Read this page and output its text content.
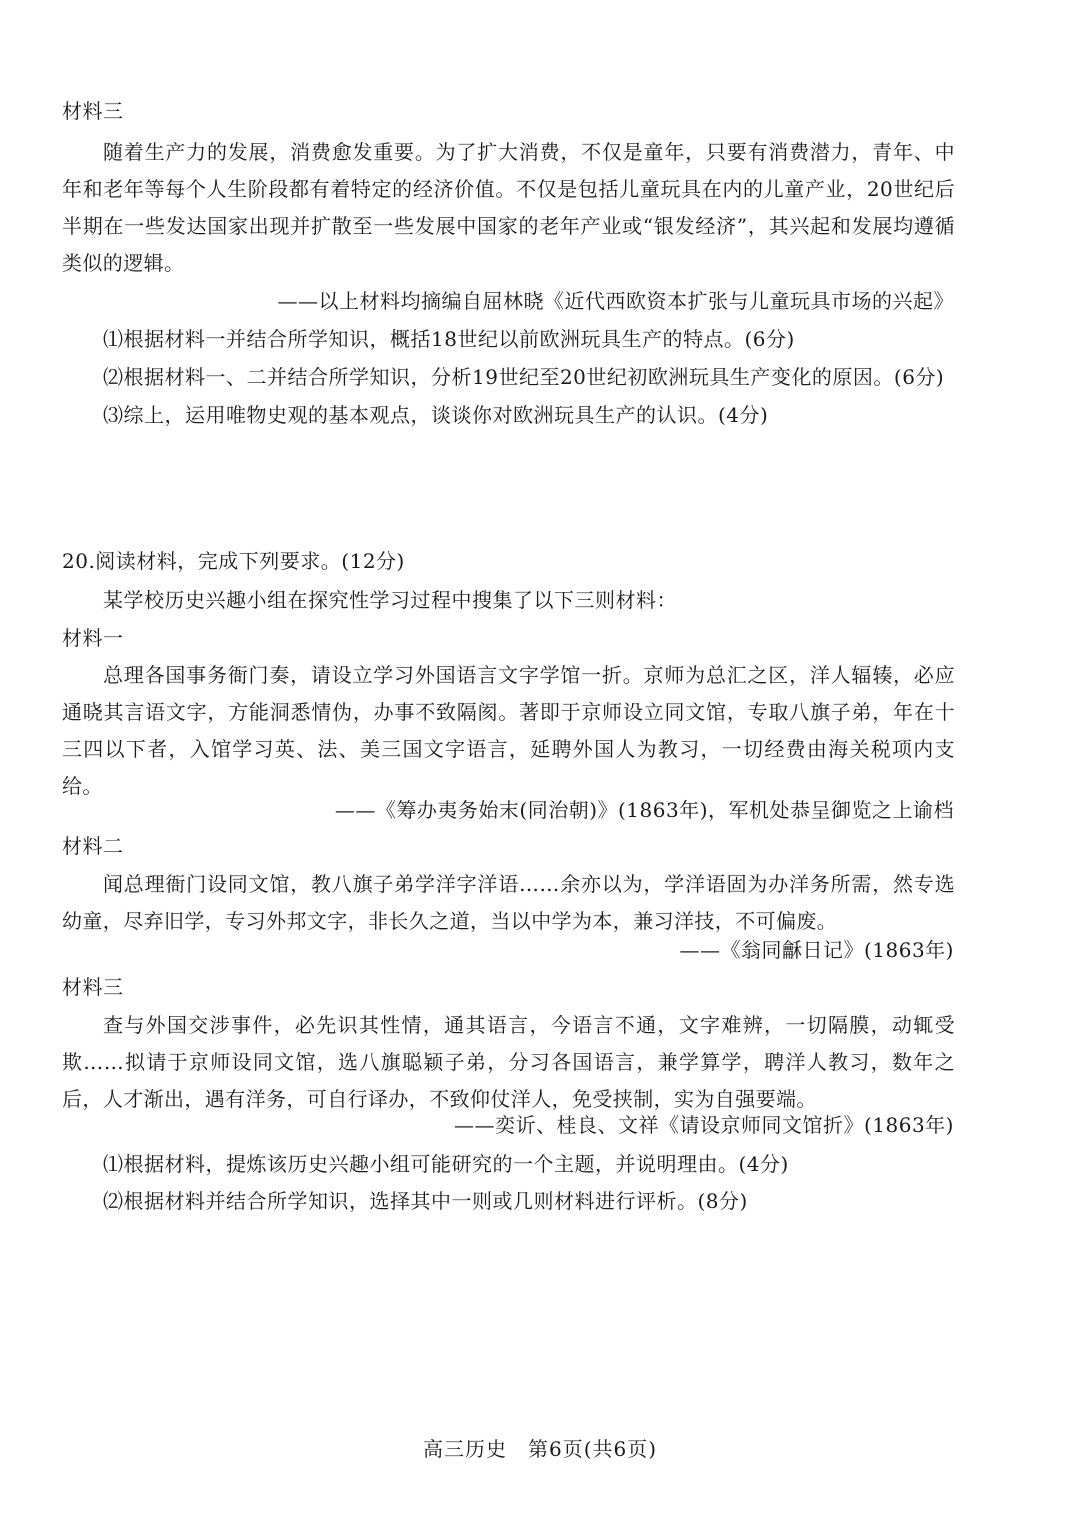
材料三
随着生产力的发展，消费愈发重要。为了扩大消费，不仅是童年，只要有消费潜力，青年、中年和老年等每个人生阶段都有着特定的经济价值。不仅是包括儿童玩具在内的儿童产业，20世纪后半期在一些发达国家出现并扩散至一些发展中国家的老年产业或“银发经济”，其兴起和发展均遵循类似的逻辑。
——以上材料均摘编自屈林晓《近代西欧资本扩张与儿童玩具市场的兴起》
⑴根据材料一并结合所学知识，概括18世纪以前欧洲玩具生产的特点。(6分)
⑵根据材料一、二并结合所学知识，分析19世纪至20世纪初欧洲玩具生产变化的原因。(6分)
⑶综上，运用唯物史观的基本观点，谈谈你对欧洲玩具生产的认识。(4分)
20.阅读材料，完成下列要求。(12分)
某学校历史兴趣小组在探究性学习过程中搜集了以下三则材料：
材料一
总理各国事务衙门奏，请设立学习外国语言文字学馆一折。京师为总汇之区，洋人辐辏，必应通晓其言语文字，方能洞悉情伪，办事不致隔阂。著即于京师设立同文馆，专取八旗子弟，年在十三四以下者，入馆学习英、法、美三国文字语言，延聘外国人为教习，一切经费由海关税项内支给。
——《筹办夷务始末(同治朝)》(1863年)，军机处恭呈御览之上谕档
材料二
闻总理衙门设同文馆，教八旗子弟学洋字洋语……余亦以为，学洋语固为办洋务所需，然专选幼童，尽弃旧学，专习外邦文字，非长久之道，当以中学为本，兼习洋技，不可偏废。
——《翁同龢日记》(1863年)
材料三
查与外国交涉事件，必先识其性情，通其语言，今语言不通，文字难辨，一切隔膜，动辄受欺……拟请于京师设同文馆，选八旗聪颖子弟，分习各国语言，兼学算学，聘洋人教习，数年之后，人才渐出，遇有洋务，可自行译办，不致仰仗洋人，免受挟制，实为自强要端。
——奕䜣、桂良、文祥《请设京师同文馆折》(1863年)
⑴根据材料，提炼该历史兴趣小组可能研究的一个主题，并说明理由。(4分)
⑵根据材料并结合所学知识，选择其中一则或几则材料进行评析。(8分)
高三历史　第6页(共6页)
